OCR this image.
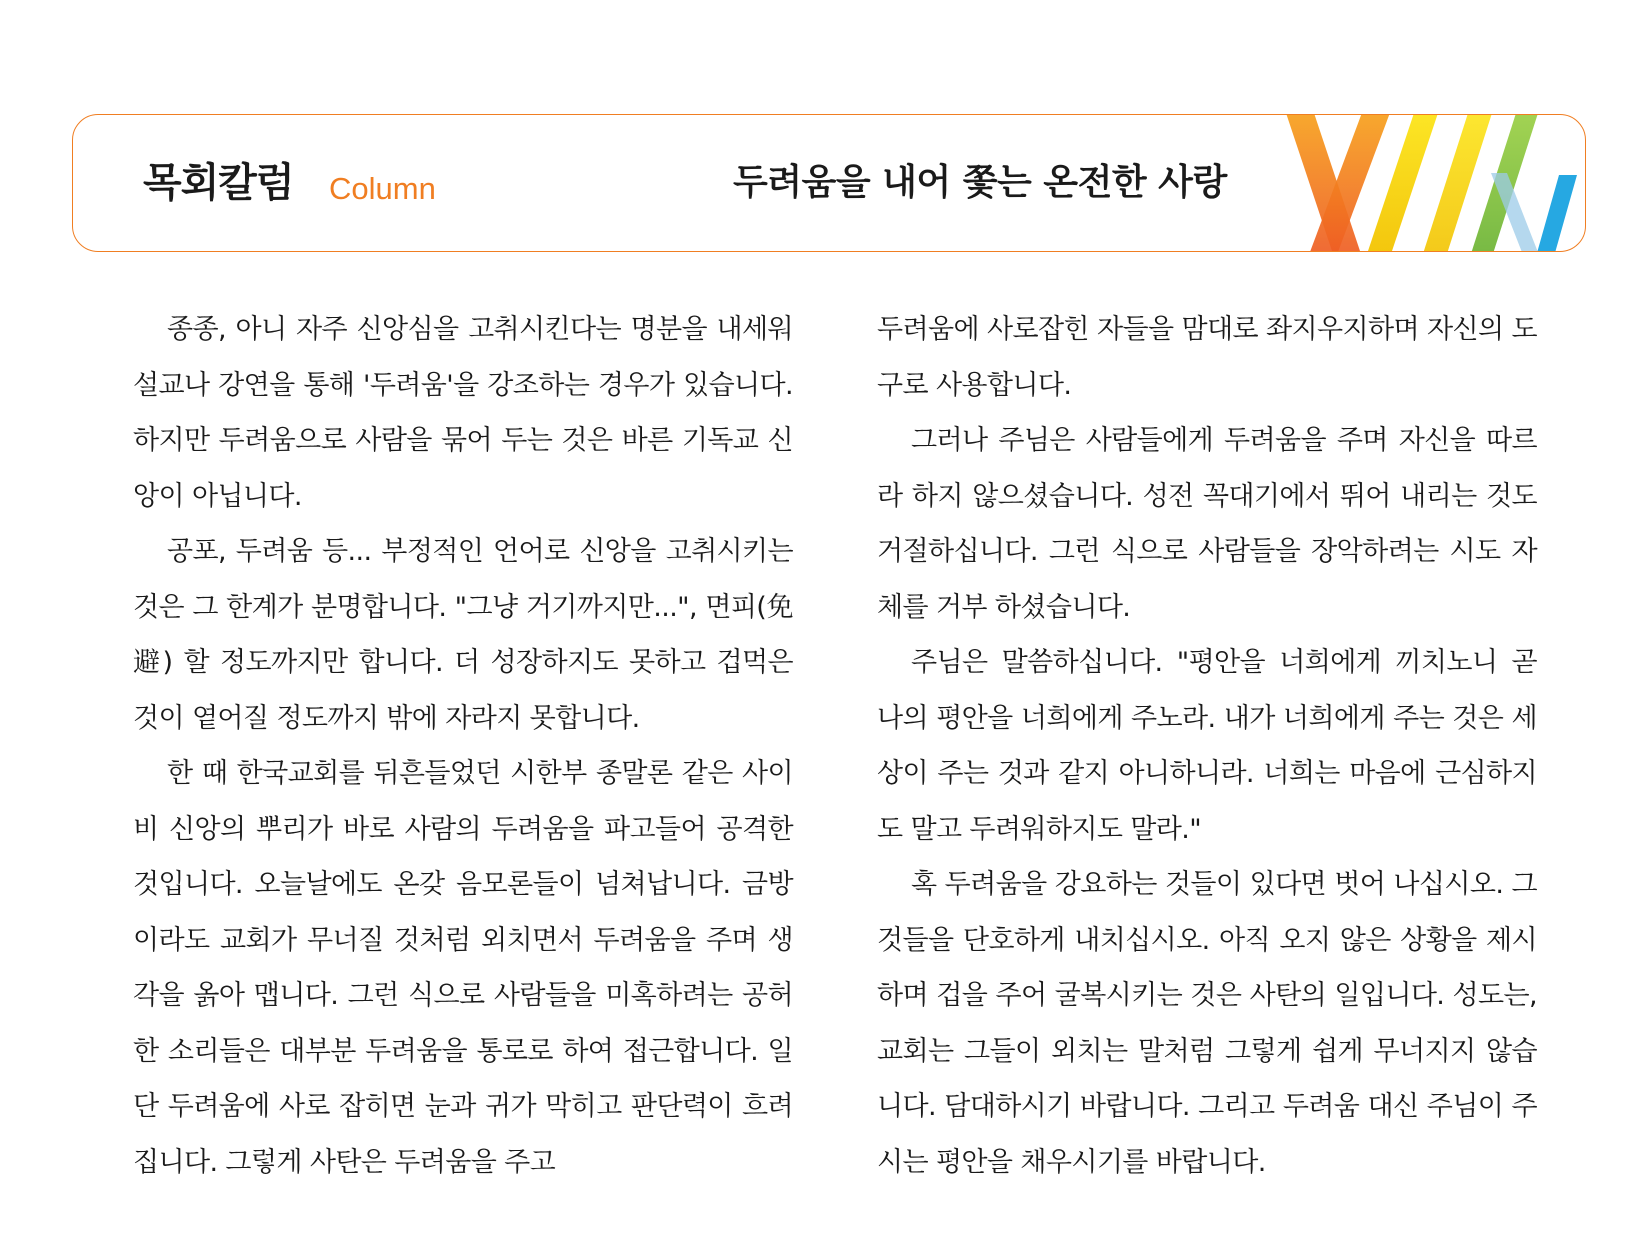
목회칼럼 Column	두려움을 내어 쫓는 온전한 사랑

종종, 아니 자주 신앙심을 고취시킨다는 명분을 내세워 설교나 강연을 통해 '두려움'을 강조하는 경우가 있습니다. 하지만 두려움으로 사람을 묶어 두는 것은 바른 기독교 신앙이 아닙니다.

공포, 두려움 등... 부정적인 언어로 신앙을 고취시키는 것은 그 한계가 분명합니다. "그냥 거기까지만...", 면피(免避) 할 정도까지만 합니다. 더 성장하지도 못하고 겁먹은 것이 옅어질 정도까지 밖에 자라지 못합니다.

한 때 한국교회를 뒤흔들었던 시한부 종말론 같은 사이비 신앙의 뿌리가 바로 사람의 두려움을 파고들어 공격한 것입니다. 오늘날에도 온갖 음모론들이 넘쳐납니다. 금방이라도 교회가 무너질 것처럼 외치면서 두려움을 주며 생각을 옭아 맵니다. 그런 식으로 사람들을 미혹하려는 공허한 소리들은 대부분 두려움을 통로로 하여 접근합니다. 일단 두려움에 사로 잡히면 눈과 귀가 막히고 판단력이 흐려집니다. 그렇게 사탄은 두려움을 주고

두려움에 사로잡힌 자들을 맘대로 좌지우지하며 자신의 도구로 사용합니다.

그러나 주님은 사람들에게 두려움을 주며 자신을 따르라 하지 않으셨습니다. 성전 꼭대기에서 뛰어 내리는 것도 거절하십니다. 그런 식으로 사람들을 장악하려는 시도 자체를 거부 하셨습니다.

주님은 말씀하십니다. "평안을 너희에게 끼치노니 곧 나의 평안을 너희에게 주노라. 내가 너희에게 주는 것은 세상이 주는 것과 같지 아니하니라. 너희는 마음에 근심하지도 말고 두려워하지도 말라."

혹 두려움을 강요하는 것들이 있다면 벗어 나십시오. 그것들을 단호하게 내치십시오. 아직 오지 않은 상황을 제시하며 겁을 주어 굴복시키는 것은 사탄의 일입니다. 성도는, 교회는 그들이 외치는 말처럼 그렇게 쉽게 무너지지 않습니다. 담대하시기 바랍니다. 그리고 두려움 대신 주님이 주시는 평안을 채우시기를 바랍니다.
